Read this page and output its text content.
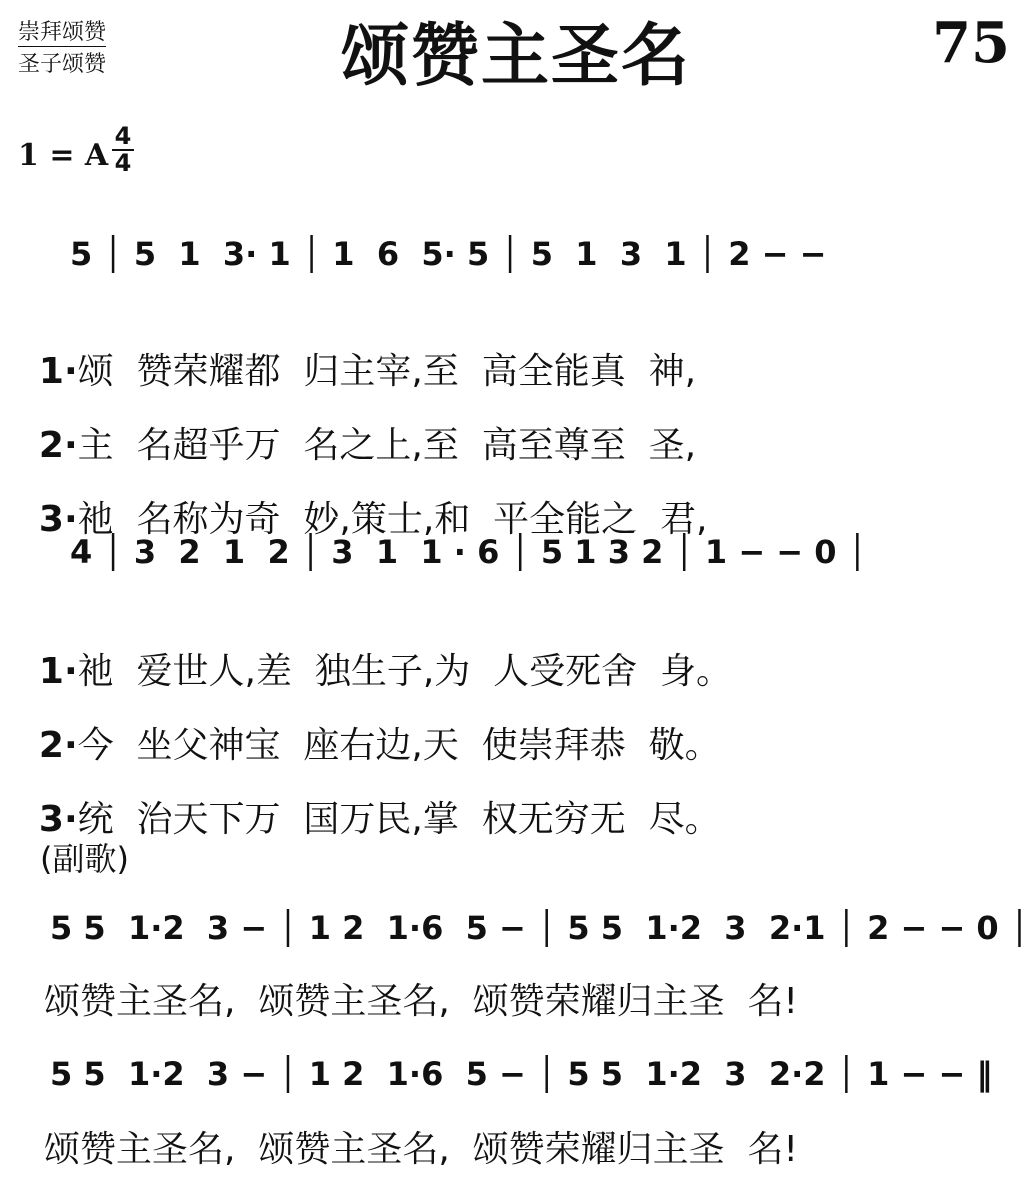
崇拜颂赞
圣子颂赞	颂赞主圣名	75
1 = A
4
4
5 │ 5  1  3· 1 │ 1  6  5· 5 │ 5  1  3  1 │ 2 − −

1·颂  赞荣耀都  归主宰,至  高全能真  神,

2·主  名超乎万  名之上,至  高至尊至  圣,

3·祂  名称为奇  妙,策士,和  平全能之  君,

4 │ 3  2  1  2 │ 3  1  1 · 6 │ 5 1 3 2 │ 1 − − 0 │

1·祂  爱世人,差  独生子,为  人受死舍  身。

2·今  坐父神宝  座右边,天  使崇拜恭  敬。

3·统  治天下万  国万民,掌  权无穷无  尽。

(副歌)
5 5  1·2  3 − │ 1 2  1·6  5 − │ 5 5  1·2  3  2·1 │ 2 − − 0 │
颂赞主圣名,  颂赞主圣名,  颂赞荣耀归主圣  名!
5 5  1·2  3 − │ 1 2  1·6  5 − │ 5 5  1·2  3  2·2 │ 1 − − ‖
颂赞主圣名,  颂赞主圣名,  颂赞荣耀归主圣  名!
